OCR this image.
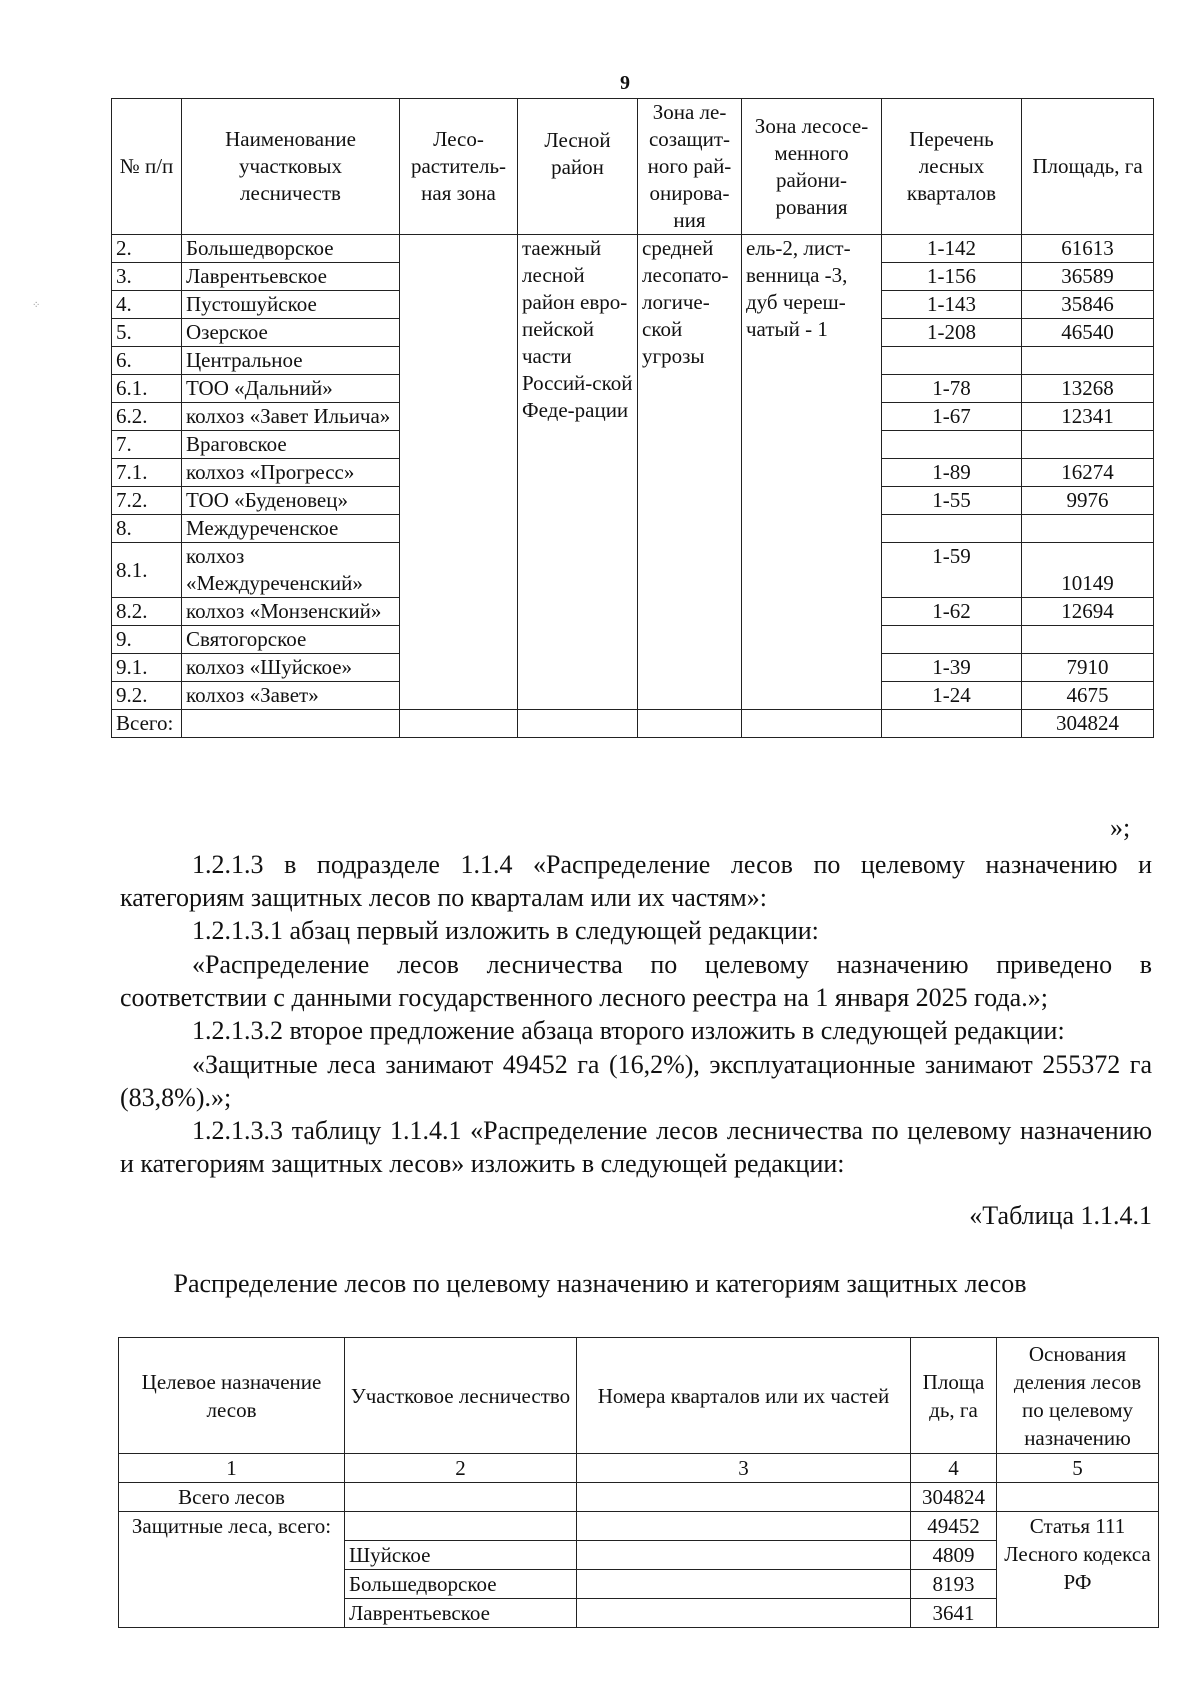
9
⁘
№ п/п	Наименование участковых лесничеств	Лесо-раститель-ная зона	Лесной район	Зона ле-созащит-ного рай-онирова-ния	Зона лесосе-менного райони-рования	Перечень лесных кварталов	Площадь, га
2.	Большедворское		таежный лесной район евро-пейской части Россий-ской Феде-рации	средней лесопато-логиче-ской угрозы	ель-2, лист-венница -3, дуб череш-чатый - 1	1-142	61613
3.	Лаврентьевское					1-156	36589
4.	Пустошуйское					1-143	35846
5.	Озерское					1-208	46540
6.	Центральное						
6.1.	ТОО «Дальний»					1-78	13268
6.2.	колхоз «Завет Ильича»					1-67	12341
7.	Враговское						
7.1.	колхоз «Прогресс»					1-89	16274
7.2.	ТОО «Буденовец»					1-55	9976
8.	Междуреченское						
8.1.	колхоз «Междуреченский»					1-59	10149
8.2.	колхоз «Монзенский»					1-62	12694
9.	Святогорское						
9.1.	колхоз «Шуйское»					1-39	7910
9.2.	колхоз «Завет»					1-24	4675
Всего:							304824
»;
1.2.1.3 в подразделе 1.1.4 «Распределение лесов по целевому назначению и категориям защитных лесов по кварталам или их частям»:
1.2.1.3.1 абзац первый изложить в следующей редакции:
«Распределение лесов лесничества по целевому назначению приведено в соответствии с данными государственного лесного реестра на 1 января 2025 года.»;
1.2.1.3.2 второе предложение абзаца второго изложить в следующей редакции:
«Защитные леса занимают 49452 га (16,2%), эксплуатационные занимают 255372 га (83,8%).»;
1.2.1.3.3 таблицу 1.1.4.1 «Распределение лесов лесничества по целевому назначению и категориям защитных лесов» изложить в следующей редакции:
«Таблица 1.1.4.1
Распределение лесов по целевому назначению и категориям защитных лесов
Целевое назначение лесов	Участковое лесничество	Номера кварталов или их частей	Площа дь, га	Основания деления лесов по целевому назначению
1	2	3	4	5
Всего лесов			304824	
Защитные леса, всего:			49452	Статья 111 Лесного кодекса РФ
	Шуйское		4809	
	Большедворское		8193	
	Лаврентьевское		3641	
